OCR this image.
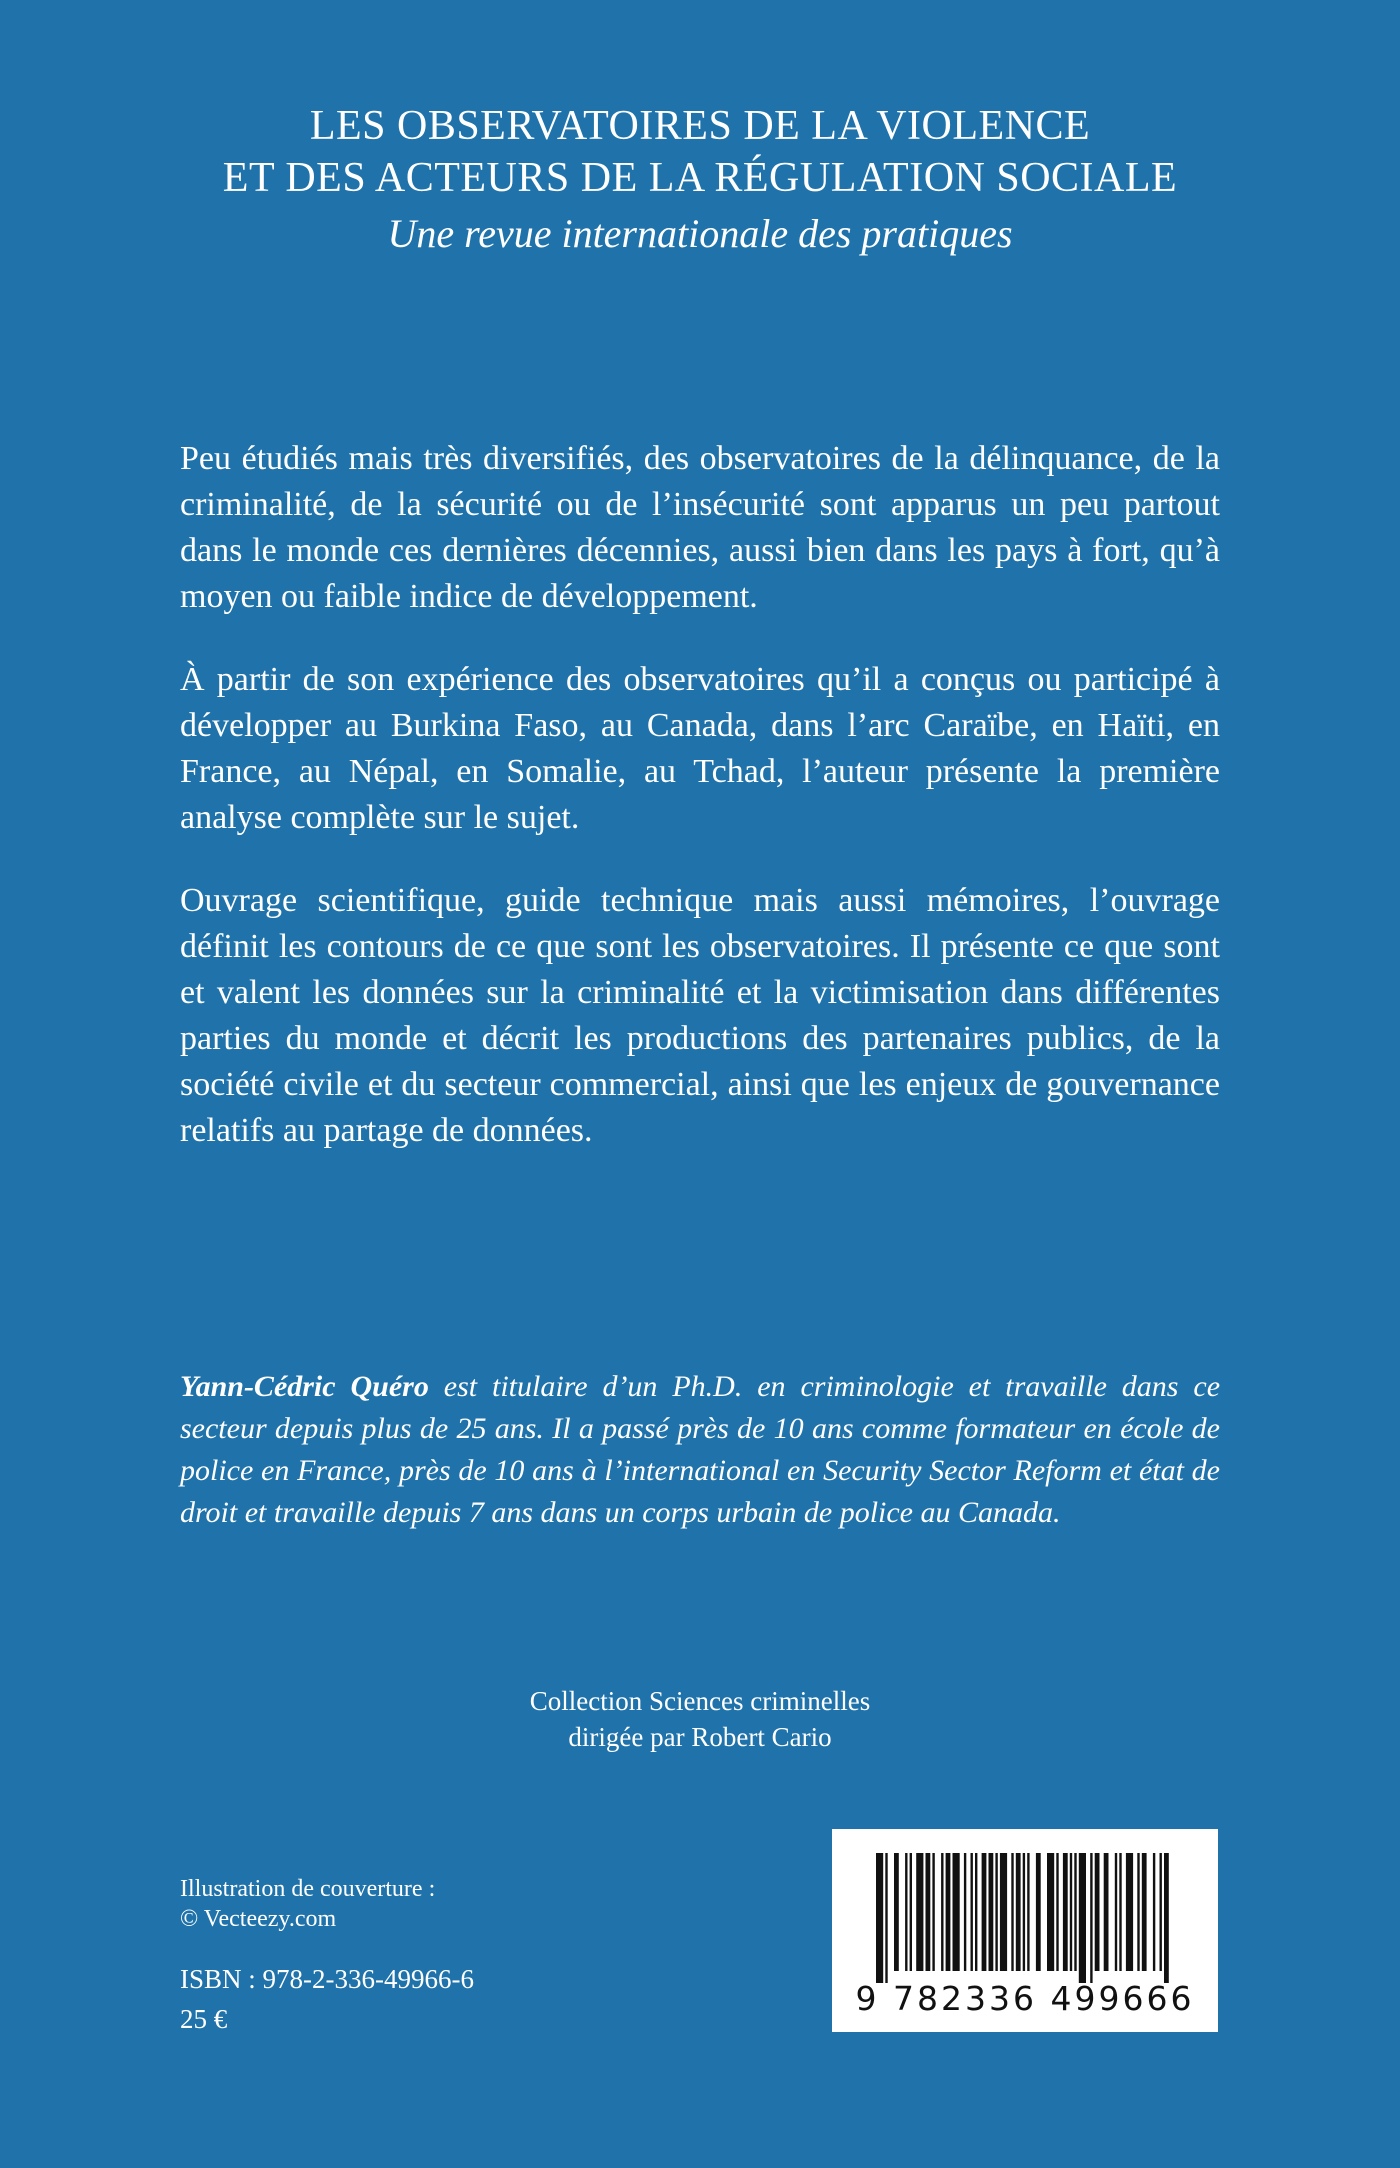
LES OBSERVATOIRES DE LA VIOLENCE
ET DES ACTEURS DE LA RÉGULATION SOCIALE
Une revue internationale des pratiques

Peu étudiés mais très diversifiés, des observatoires de la délinquance, de la criminalité, de la sécurité ou de l’insécurité sont apparus un peu partout dans le monde ces dernières décennies, aussi bien dans les pays à fort, qu’à moyen ou faible indice de développement.

À partir de son expérience des observatoires qu’il a conçus ou participé à développer au Burkina Faso, au Canada, dans l’arc Caraïbe, en Haïti, en France, au Népal, en Somalie, au Tchad, l’auteur présente la première analyse complète sur le sujet.

Ouvrage scientifique, guide technique mais aussi mémoires, l’ouvrage définit les contours de ce que sont les observatoires. Il présente ce que sont et valent les données sur la criminalité et la victimisation dans différentes parties du monde et décrit les productions des partenaires publics, de la société civile et du secteur commercial, ainsi que les enjeux de gouvernance relatifs au partage de données.

Yann-Cédric Quéro est titulaire d’un Ph.D. en criminologie et travaille dans ce secteur depuis plus de 25 ans. Il a passé près de 10 ans comme formateur en école de police en France, près de 10 ans à l’international en Security Sector Reform et état de droit et travaille depuis 7 ans dans un corps urbain de police au Canada.

Collection Sciences criminelles
dirigée par Robert Cario
Illustration de couverture :
© Vecteezy.com
ISBN : 978-2-336-49966-6
25 €
9 782336 499666
